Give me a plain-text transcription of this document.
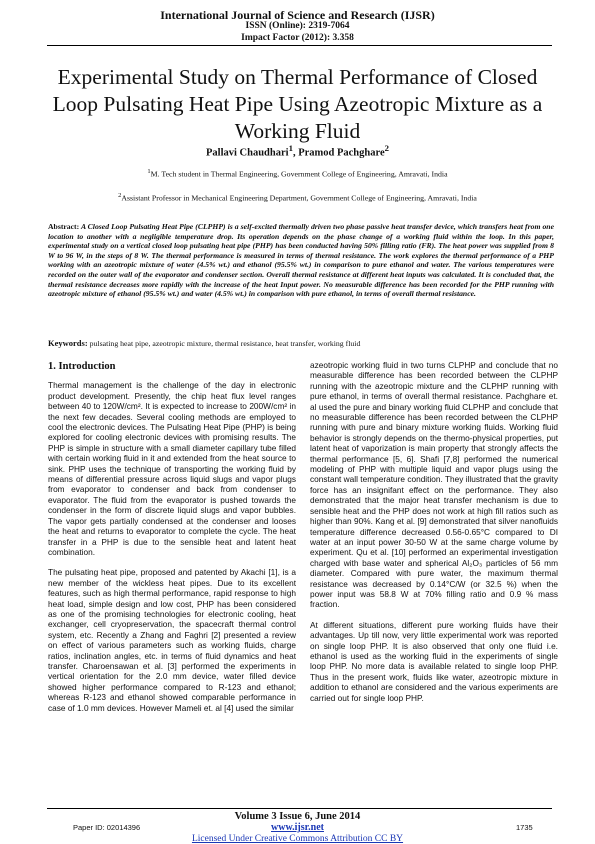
International Journal of Science and Research (IJSR)
ISSN (Online): 2319-7064
Impact Factor (2012): 3.358
Experimental Study on Thermal Performance of Closed Loop Pulsating Heat Pipe Using Azeotropic Mixture as a Working Fluid
Pallavi Chaudhari$^1$, Pramod Pachghare$^2$
$^1$M. Tech student in Thermal Engineering, Government College of Engineering, Amravati, India
$^2$Assistant Professor in Mechanical Engineering Department, Government College of Engineering, Amravati, India
Abstract: A Closed Loop Pulsating Heat Pipe (CLPHP) is a self-excited thermally driven two phase passive heat transfer device, which transfers heat from one location to another with a negligible temperature drop. Its operation depends on the phase change of a working fluid within the loop. In this paper, experimental study on a vertical closed loop pulsating heat pipe (PHP) has been conducted having 50% filling ratio (FR). The heat power was supplied from 8 W to 96 W, in the steps of 8 W. The thermal performance is measured in terms of thermal resistance. The work explores the thermal performance of a PHP working with an azeotropic mixture of water (4.5% wt.) and ethanol (95.5% wt.) in comparison to pure ethanol and water. The various temperatures were recorded on the outer wall of the evaporator and condenser section. Overall thermal resistance at different heat inputs was calculated. It is concluded that, the thermal resistance decreases more rapidly with the increase of the heat Input power. No measurable difference has been recorded for the PHP running with azeotropic mixture of ethanol (95.5% wt.) and water (4.5% wt.) in comparison with pure ethanol, in terms of overall thermal resistance.
Keywords: pulsating heat pipe, azeotropic mixture, thermal resistance, heat transfer, working fluid
1. Introduction

Thermal management is the challenge of the day in electronic product development. Presently, the chip heat flux level ranges between 40 to 120W/cm². It is expected to increase to 200W/cm² in the next few decades. Several cooling methods are employed to cool the electronic devices. The Pulsating Heat Pipe (PHP) is being explored for cooling electronic devices with promising results. The PHP is simple in structure with a small diameter capillary tube filled with certain working fluid in it and extended from the heat source to sink. PHP uses the technique of transporting the working fluid by means of differential pressure across liquid slugs and vapor plugs from evaporator to condenser and back from condenser to evaporator. The fluid from the evaporator is pushed towards the condenser in the form of discrete liquid slugs and vapor bubbles. The vapor gets partially condensed at the condenser and looses the heat and returns to evaporator to complete the cycle. The heat transfer in a PHP is due to the sensible heat and latent heat combination.

The pulsating heat pipe, proposed and patented by Akachi [1], is a new member of the wickless heat pipes. Due to its excellent features, such as high thermal performance, rapid response to high heat load, simple design and low cost, PHP has been considered as one of the promising technologies for electronic cooling, heat exchanger, cell cryopreservation, the spacecraft thermal control system, etc. Recently a Zhang and Faghri [2] presented a review on effect of various parameters such as working fluids, charge ratios, inclination angles, etc. in terms of fluid dynamics and heat transfer. Charoensawan et al. [3] performed the experiments in vertical orientation for the 2.0 mm device, water filled device showed higher performance compared to R-123 and ethanol; whereas R-123 and ethanol showed comparable performance in case of 1.0 mm devices. However Mameli et. al [4] used the similar

azeotropic working fluid in two turns CLPHP and conclude that no measurable difference has been recorded between the CLPHP running with the azeotropic mixture and the CLPHP running with pure ethanol, in terms of overall thermal resistance. Pachghare et. al used the pure and binary working fluid CLPHP and conclude that no measurable difference has been recorded between the CLPHP running with pure and binary mixture working fluids. Working fluid behavior is strongly depends on the thermo-physical properties, put latent heat of vaporization is main property that strongly affects the thermal performance [5, 6]. Shafi [7,8] performed the numerical modeling of PHP with multiple liquid and vapor plugs using the constant wall temperature condition. They illustrated that the gravity force has an insignifant effect on the performance. They also demonstrated that the major heat transfer mechanism is due to sensible heat and the PHP does not work at high fill ratios such as higher than 90%. Kang et al. [9] demonstrated that silver nanofluids temperature difference decreased 0.56-0.65°C compared to DI water at an input power 30-50 W at the same charge volume by experiment. Qu et al. [10] performed an experimental investigation charged with base water and spherical Al₂O₃ particles of 56 mm diameter. Compared with pure water, the maximum thermal resistance was decreased by 0.14°C/W (or 32.5 %) when the power input was 58.8 W at 70% filling ratio and 0.9 % mass fraction.

At different situations, different pure working fluids have their advantages. Up till now, very little experimental work was reported on single loop PHP. It is also observed that only one fluid i.e. ethanol is used as the working fluid in the experiments of single loop PHP. No more data is available related to single loop PHP. Thus in the present work, fluids like water, azeotropic mixture in addition to ethanol are considered and the various experiments are carried out for single loop PHP.

Volume 3 Issue 6, June 2014
Paper ID: 02014396	www.ijsr.net	1735
Licensed Under Creative Commons Attribution CC BY
